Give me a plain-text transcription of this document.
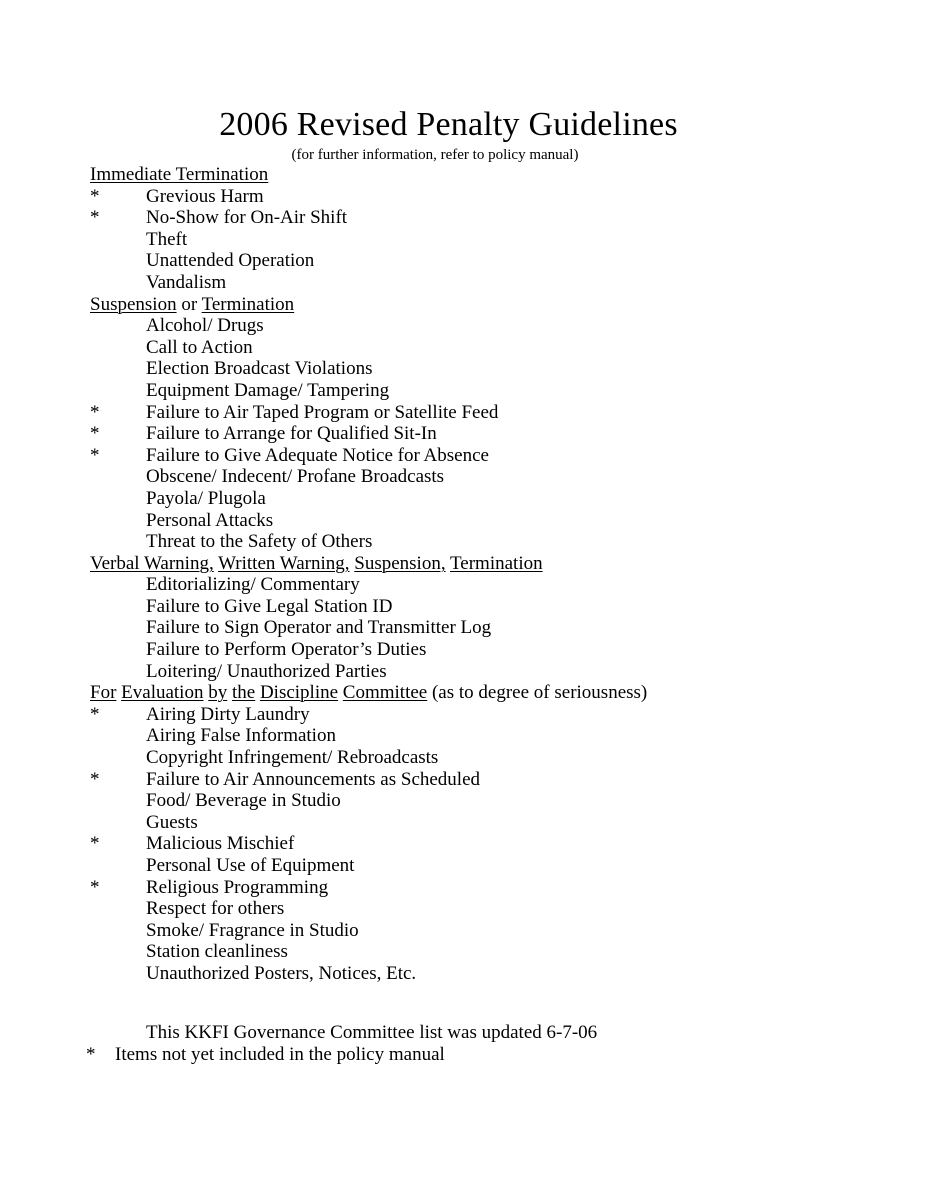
2006 Revised Penalty Guidelines
(for further information, refer to policy manual)
Immediate Termination
* Grevious Harm
* No-Show for On-Air Shift
Theft
Unattended Operation
Vandalism
Suspension or Termination
Alcohol/ Drugs
Call to Action
Election Broadcast Violations
Equipment Damage/ Tampering
* Failure to Air Taped Program or Satellite Feed
* Failure to Arrange for Qualified Sit-In
* Failure to Give Adequate Notice for Absence
Obscene/ Indecent/ Profane Broadcasts
Payola/ Plugola
Personal Attacks
Threat to the Safety of Others
Verbal Warning, Written Warning, Suspension, Termination
Editorializing/ Commentary
Failure to Give Legal Station ID
Failure to Sign Operator and Transmitter Log
Failure to Perform Operator’s Duties
Loitering/ Unauthorized Parties
For Evaluation by the Discipline Committee (as to degree of seriousness)
* Airing Dirty Laundry
Airing False Information
Copyright Infringement/ Rebroadcasts
* Failure to Air Announcements as Scheduled
Food/ Beverage in Studio
Guests
* Malicious Mischief
Personal Use of Equipment
* Religious Programming
Respect for others
Smoke/ Fragrance in Studio
Station cleanliness
Unauthorized Posters, Notices, Etc.
This KKFI Governance Committee list was updated 6-7-06
* Items not yet included in the policy manual
